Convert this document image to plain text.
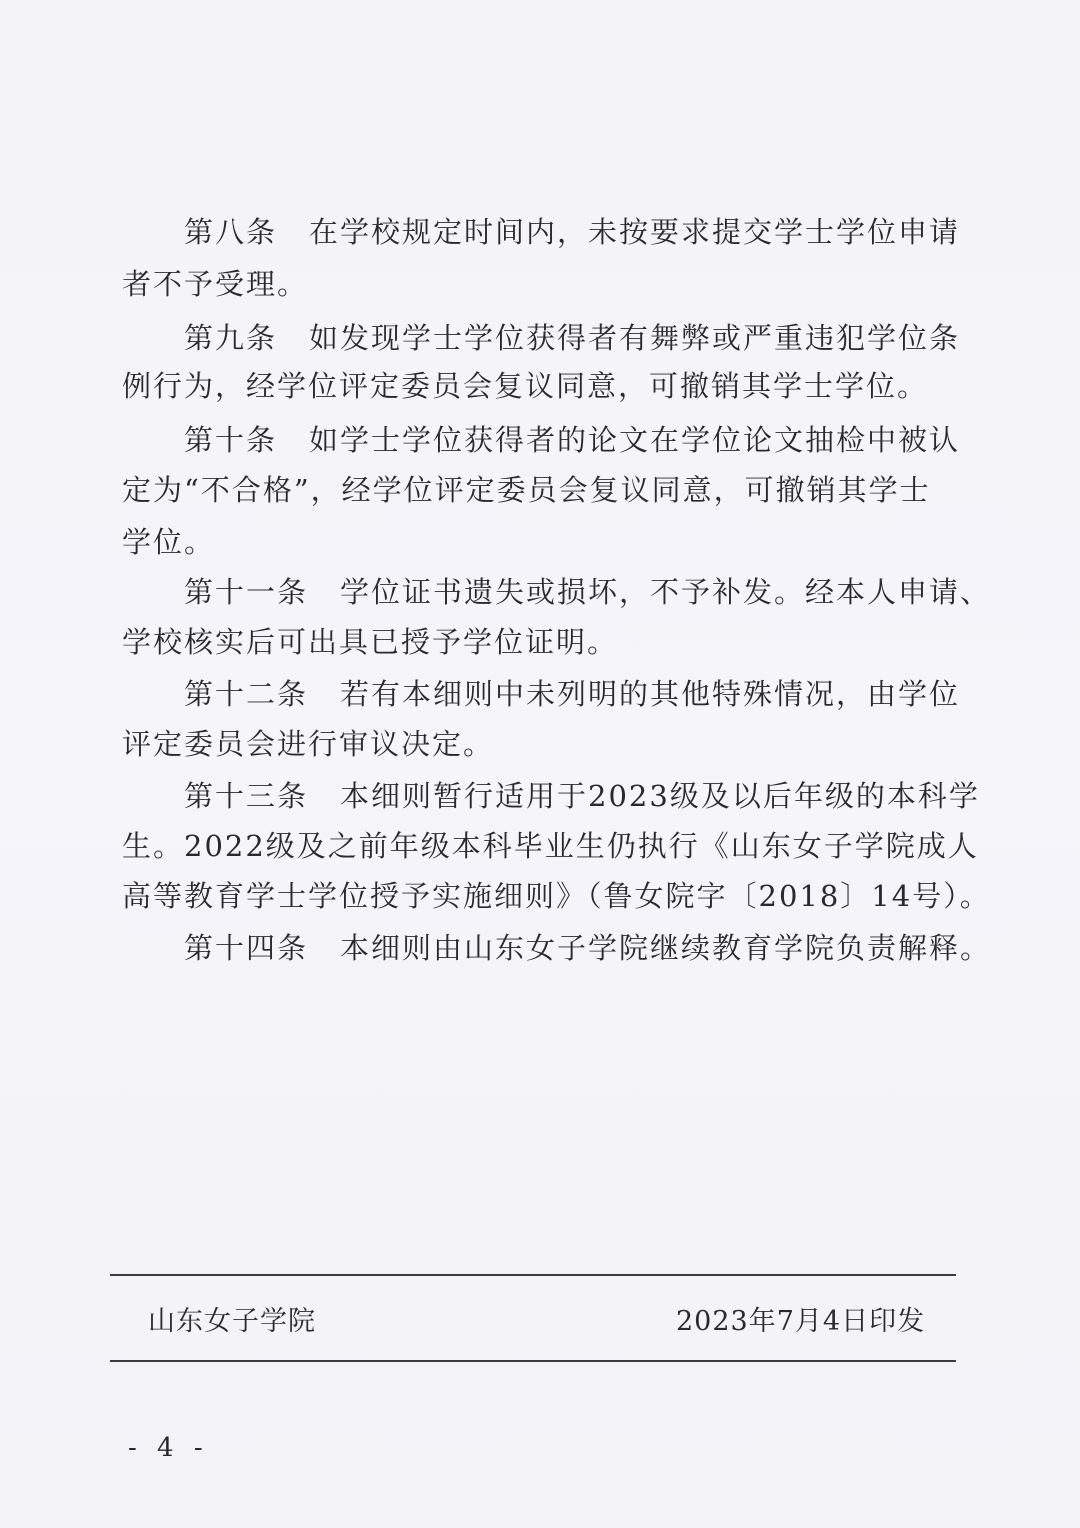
第八条 在学校规定时间内，未按要求提交学士学位申请
者不予受理。
第九条 如发现学士学位获得者有舞弊或严重违犯学位条
例行为，经学位评定委员会复议同意，可撤销其学士学位。
第十条 如学士学位获得者的论文在学位论文抽检中被认
定为“不合格”，经学位评定委员会复议同意，可撤销其学士
学位。
第十一条 学位证书遗失或损坏，不予补发。经本人申请、
学校核实后可出具已授予学位证明。
第十二条 若有本细则中未列明的其他特殊情况，由学位
评定委员会进行审议决定。
第十三条 本细则暂行适用于2023级及以后年级的本科学
生。2022级及之前年级本科毕业生仍执行《山东女子学院成人
高等教育学士学位授予实施细则》（鲁女院字〔2018〕14号）。
第十四条 本细则由山东女子学院继续教育学院负责解释。
山东女子学院	2023年7月4日印发
- 4 -
